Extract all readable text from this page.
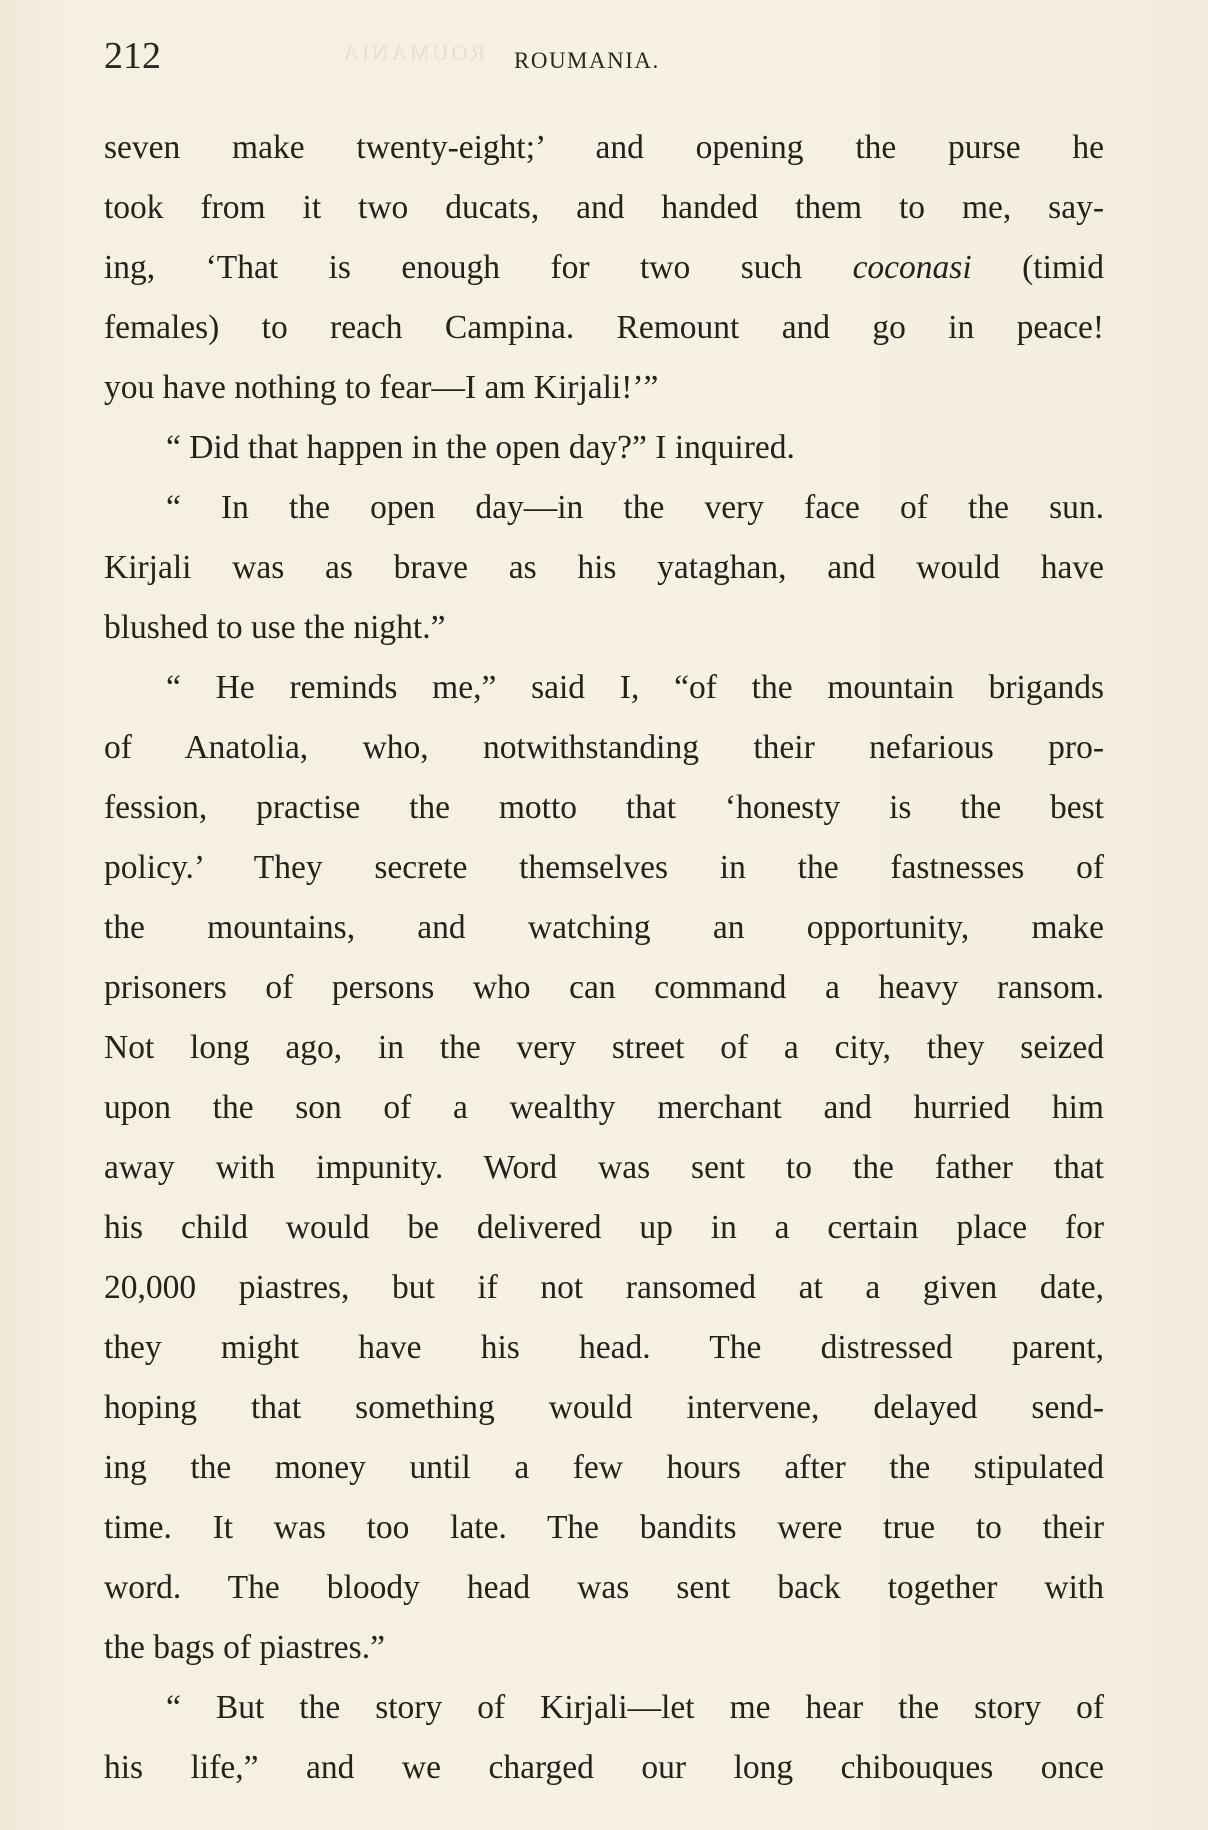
ROUMANIA
212	ROUMANIA.
seven make twenty-eight;’ and opening the purse he
took from it two ducats, and handed them to me, say-
ing, ‘That is enough for two such coconasi (timid
females) to reach Campina. Remount and go in peace!
you have nothing to fear—I am Kirjali!’”
“ Did that happen in the open day?” I inquired.
“ In the open day—in the very face of the sun.
Kirjali was as brave as his yataghan, and would have
blushed to use the night.”
“ He reminds me,” said I, “of the mountain brigands
of Anatolia, who, notwithstanding their nefarious pro-
fession, practise the motto that ‘honesty is the best
policy.’ They secrete themselves in the fastnesses of
the mountains, and watching an opportunity, make
prisoners of persons who can command a heavy ransom.
Not long ago, in the very street of a city, they seized
upon the son of a wealthy merchant and hurried him
away with impunity. Word was sent to the father that
his child would be delivered up in a certain place for
20,000 piastres, but if not ransomed at a given date,
they might have his head. The distressed parent,
hoping that something would intervene, delayed send-
ing the money until a few hours after the stipulated
time. It was too late. The bandits were true to their
word. The bloody head was sent back together with
the bags of piastres.”
“ But the story of Kirjali—let me hear the story of
his life,” and we charged our long chibouques once
